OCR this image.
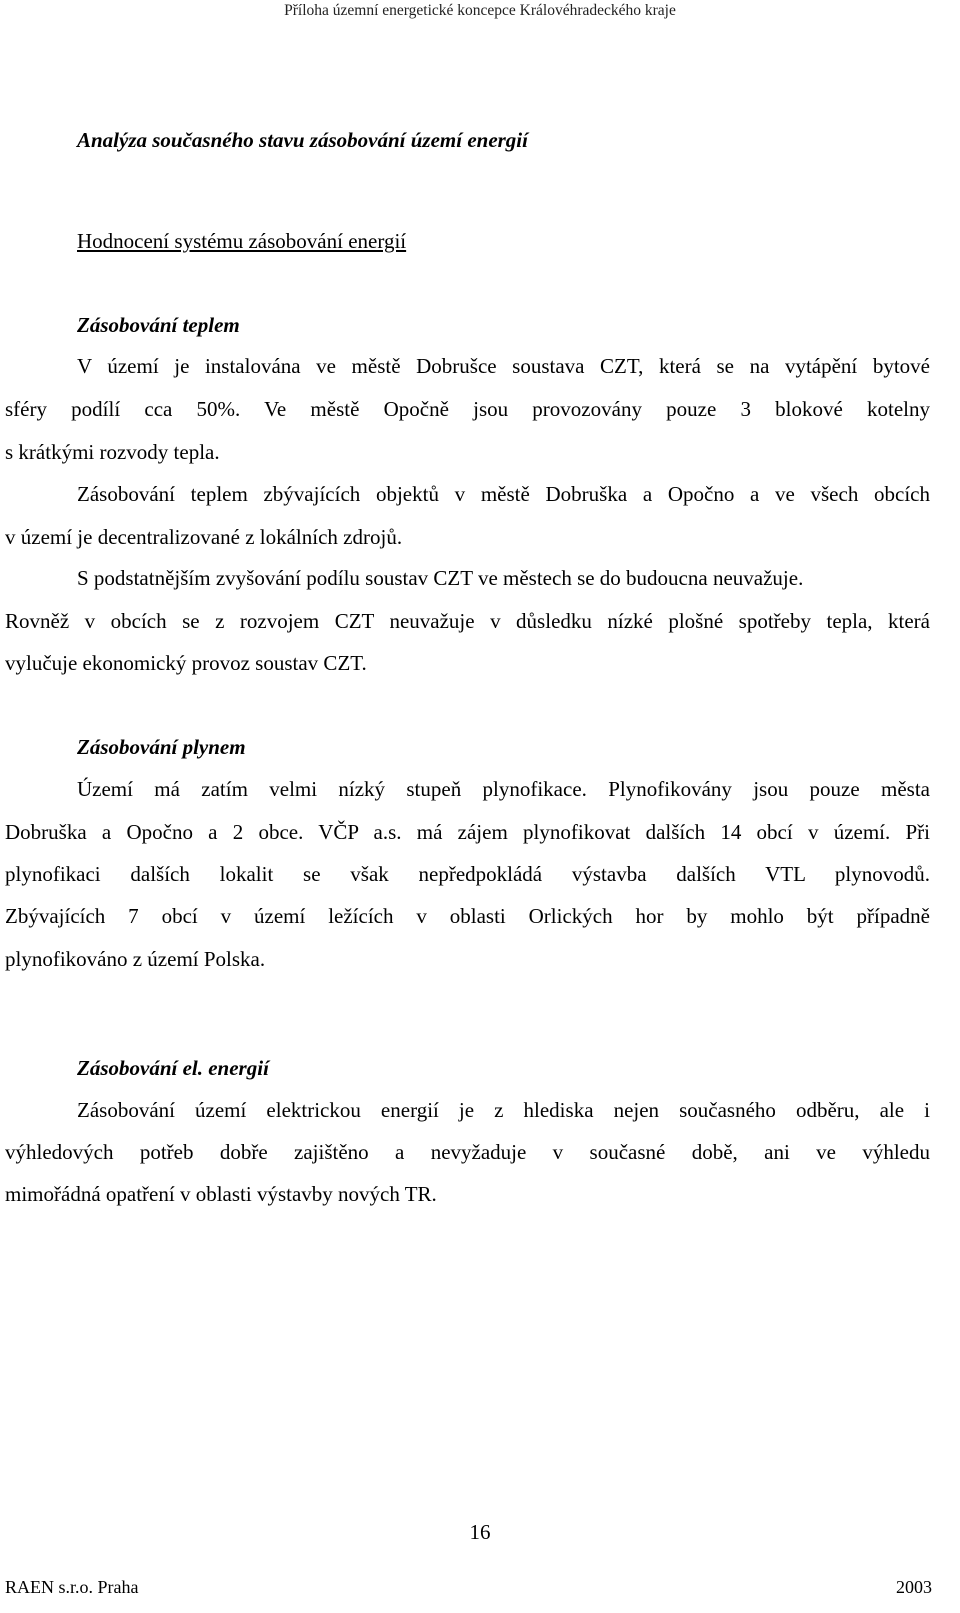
Příloha územní energetické koncepce Královéhradeckého kraje
Analýza současného stavu zásobování území energií
Hodnocení systému zásobování energií
Zásobování teplem
V území je instalována ve městě Dobrušce soustava CZT, která se na vytápění bytové
sféry podílí cca 50%. Ve městě Opočně jsou provozovány pouze 3 blokové kotelny
s krátkými rozvody tepla.
Zásobování teplem zbývajících objektů v městě Dobruška a Opočno a ve všech obcích
v území je decentralizované z lokálních zdrojů.
S podstatnějším zvyšování podílu soustav CZT ve městech se do budoucna neuvažuje.
Rovněž v obcích se z rozvojem CZT neuvažuje v důsledku nízké plošné spotřeby tepla, která
vylučuje ekonomický provoz soustav CZT.
Zásobování plynem
Území má zatím velmi nízký stupeň plynofikace. Plynofikovány jsou pouze města
Dobruška a Opočno a 2 obce. VČP a.s. má zájem plynofikovat dalších 14 obcí v území. Při
plynofikaci dalších lokalit se však nepředpokládá výstavba dalších VTL plynovodů.
Zbývajících 7 obcí v území ležících v oblasti Orlických hor by mohlo být případně
plynofikováno z území Polska.
Zásobování el. energií
Zásobování území elektrickou energií je z hlediska nejen současného odběru, ale i
výhledových potřeb dobře zajištěno a nevyžaduje v současné době, ani ve výhledu
mimořádná opatření v oblasti výstavby nových TR.
16
RAEN s.r.o. Praha	2003
